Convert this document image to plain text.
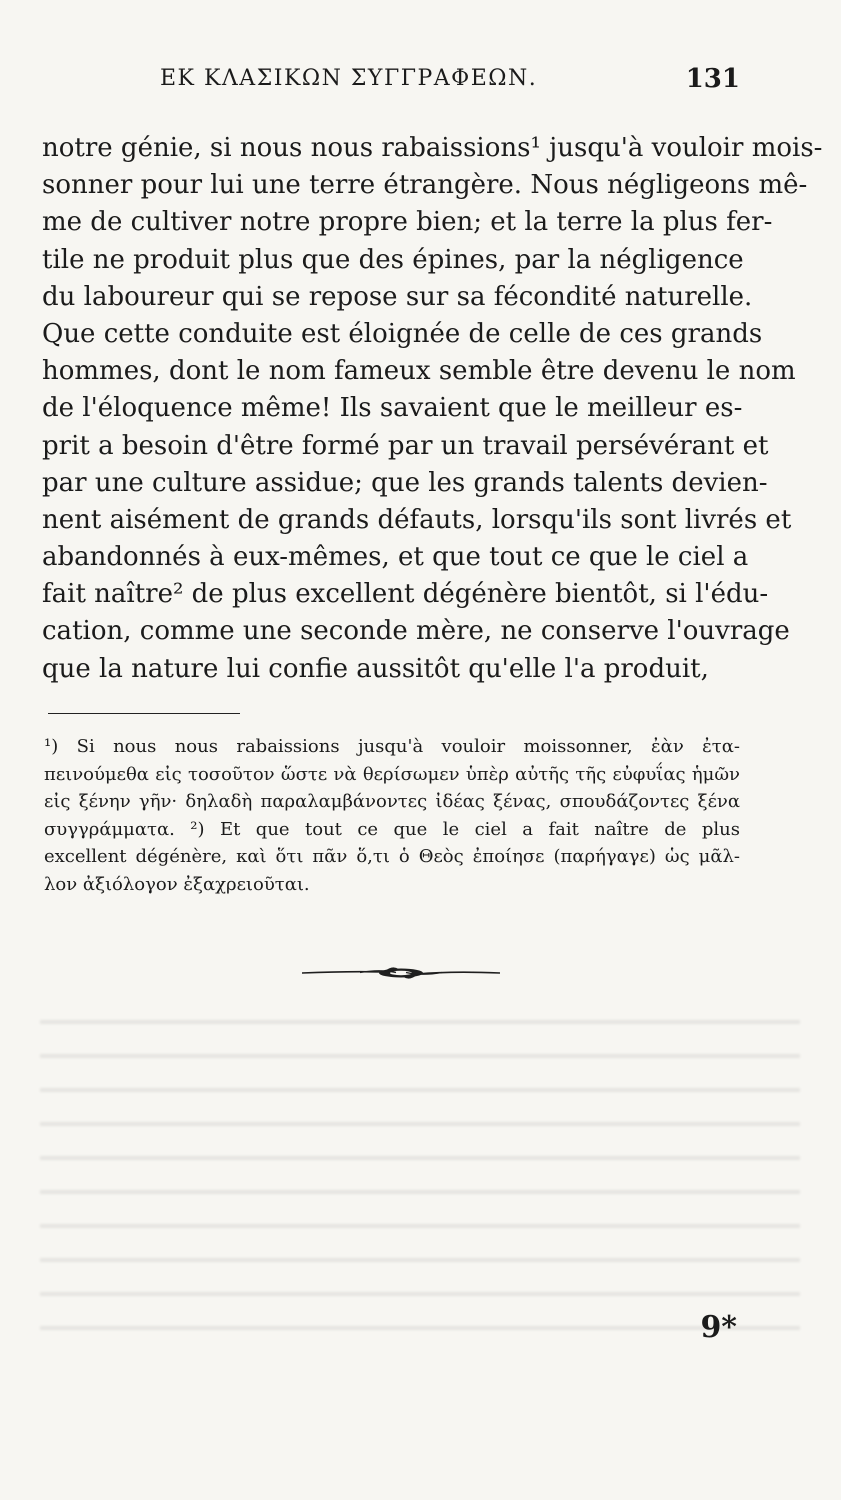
ΕΚ ΚΛΑΣΙΚΩΝ ΣΥΓΓΡΑΦΕΩΝ.	131
notre génie, si nous nous rabaissions¹ jusqu'à vouloir mois-
sonner pour lui une terre étrangère. Nous négligeons mê-
me de cultiver notre propre bien; et la terre la plus fer-
tile ne produit plus que des épines, par la négligence
du laboureur qui se repose sur sa fécondité naturelle.
Que cette conduite est éloignée de celle de ces grands
hommes, dont le nom fameux semble être devenu le nom
de l'éloquence même! Ils savaient que le meilleur es-
prit a besoin d'être formé par un travail persévérant et
par une culture assidue; que les grands talents devien-
nent aisément de grands défauts, lorsqu'ils sont livrés et
abandonnés à eux-mêmes, et que tout ce que le ciel a
fait naître² de plus excellent dégénère bientôt, si l'édu-
cation, comme une seconde mère, ne conserve l'ouvrage
que la nature lui confie aussitôt qu'elle l'a produit,
¹) Si nous nous rabaissions jusqu'à vouloir moissonner, ἐὰν ἐτα-
πεινούμεθα εἰς τοσοῦτον ὥστε νὰ θερίσωμεν ὑπὲρ αὐτῆς τῆς εὐφυΐας ἡμῶν
εἰς ξένην γῆν· δηλαδὴ παραλαμβάνοντες ἰδέας ξένας, σπουδάζοντες ξένα
συγγράμματα. ²) Et que tout ce que le ciel a fait naître de plus
excellent dégénère, καὶ ὅτι πᾶν ὅ,τι ὁ Θεὸς ἐποίησε (παρήγαγε) ὡς μᾶλ-
λον ἀξιόλογον ἐξαχρειοῦται.
9*
